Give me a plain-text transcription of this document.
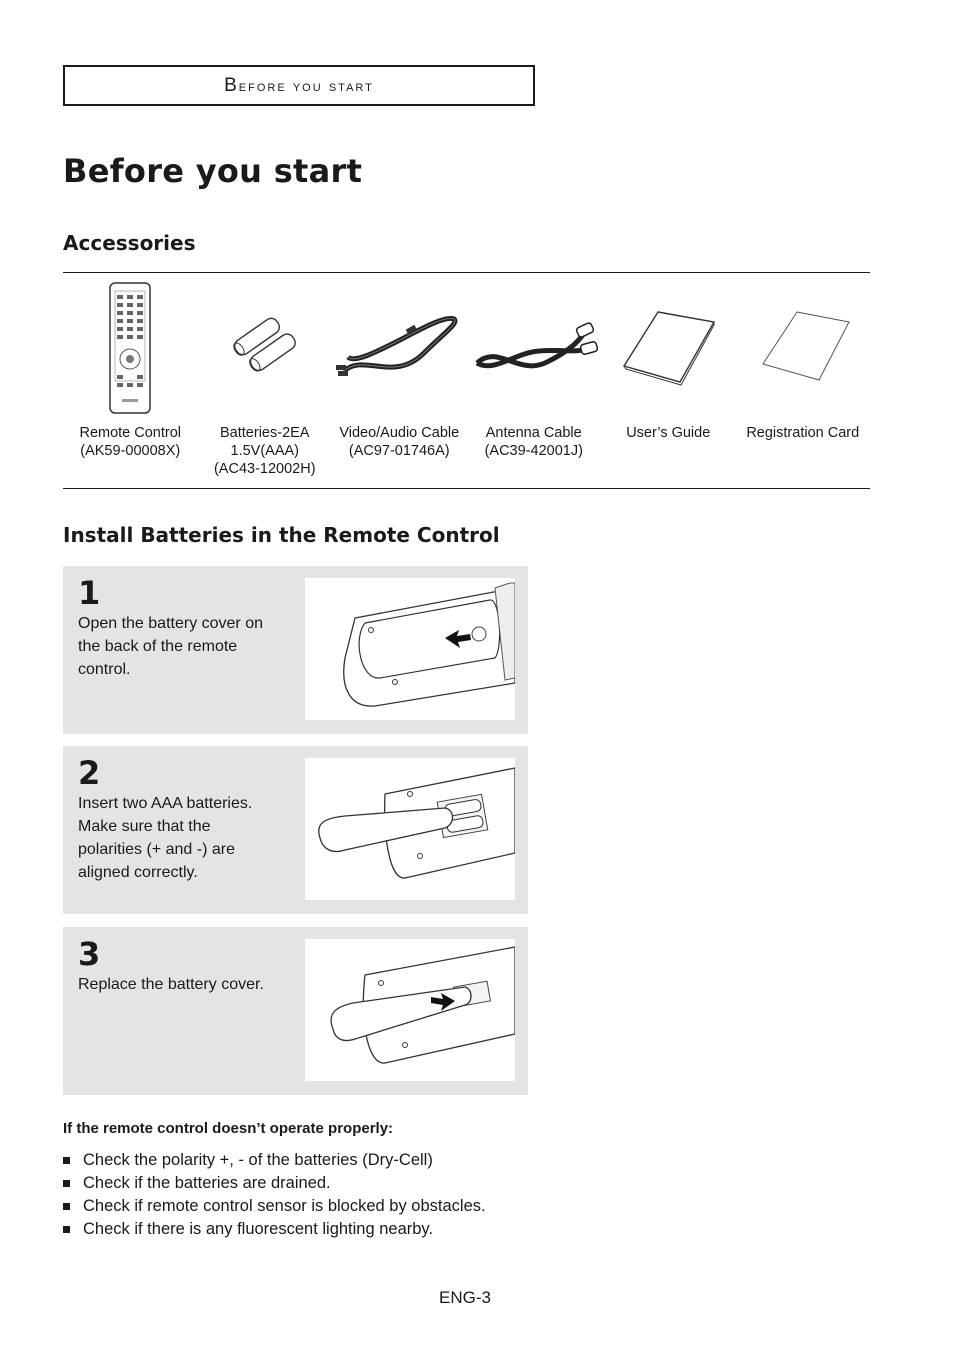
Before you start
Before you start
Accessories
Remote Control
(AK59-00008X)
Batteries-2EA
1.5V(AAA)
(AC43-12002H)
Video/Audio Cable
(AC97-01746A)
Antenna Cable
(AC39-42001J)
User’s Guide Registration Card
Install Batteries in the Remote Control
1
Open the battery cover on the back of the remote control.
2
Insert two AAA batteries. Make sure that the polarities (+ and -) are aligned correctly.
3
Replace the battery cover.
If the remote control doesn’t operate properly:
Check the polarity +, - of the batteries (Dry-Cell)
Check if the batteries are drained.
Check if remote control sensor is blocked by obstacles.
Check if there is any fluorescent lighting nearby.
ENG-3
